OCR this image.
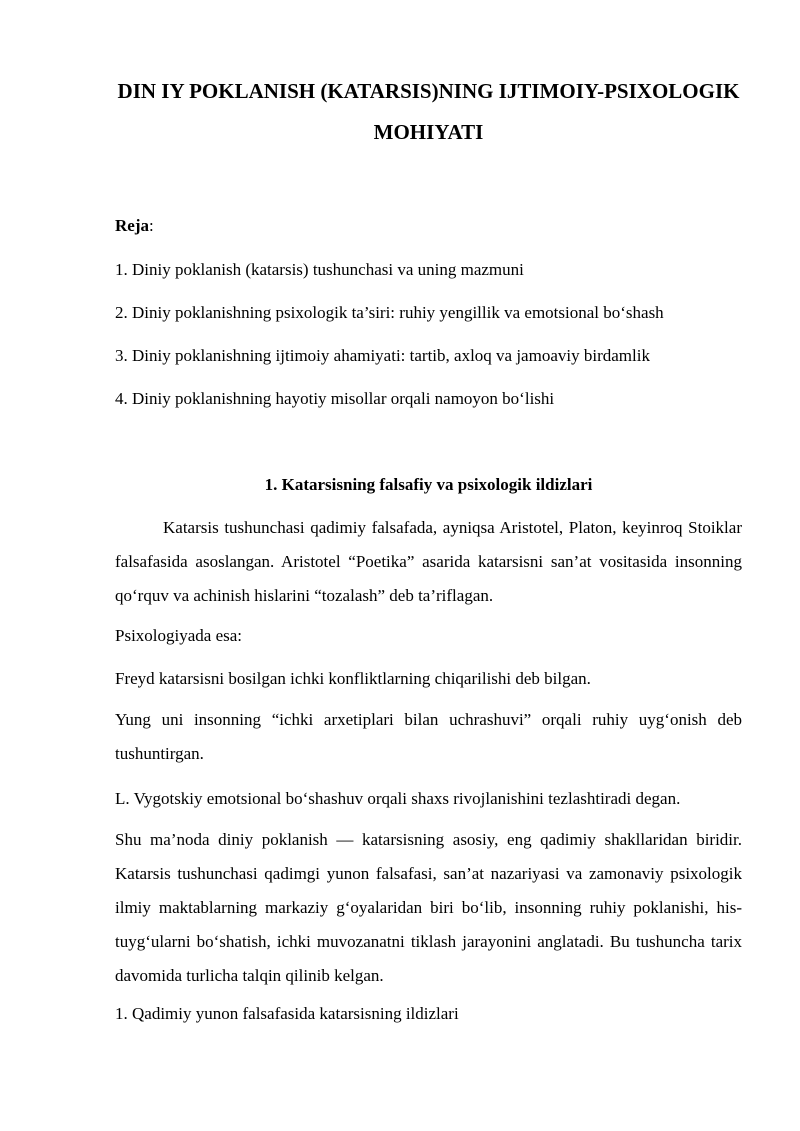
DIN IY POKLANISH (KATARSIS)NING IJTIMOIY-PSIXOLOGIK MOHIYATI

Reja:

1. Diniy poklanish (katarsis) tushunchasi va uning mazmuni

2. Diniy poklanishning psixologik ta’siri: ruhiy yengillik va emotsional bo‘shash

3. Diniy poklanishning ijtimoiy ahamiyati: tartib, axloq va jamoaviy birdamlik

4. Diniy poklanishning hayotiy misollar orqali namoyon bo‘lishi

1. Katarsisning falsafiy va psixologik ildizlari

Katarsis tushunchasi qadimiy falsafada, ayniqsa Aristotel, Platon, keyinroq Stoiklar falsafasida asoslangan. Aristotel “Poetika” asarida katarsisni san’at vositasida insonning qo‘rquv va achinish hislarini “tozalash” deb ta’riflagan.

Psixologiyada esa:

Freyd katarsisni bosilgan ichki konfliktlarning chiqarilishi deb bilgan.

Yung uni insonning “ichki arxetiplari bilan uchrashuvi” orqali ruhiy uyg‘onish deb tushuntirgan.

L. Vygotskiy emotsional bo‘shashuv orqali shaxs rivojlanishini tezlashtiradi degan.

Shu ma’noda diniy poklanish — katarsisning asosiy, eng qadimiy shakllaridan biridir. Katarsis tushunchasi qadimgi yunon falsafasi, san’at nazariyasi va zamonaviy psixologik ilmiy maktablarning markaziy g‘oyalaridan biri bo‘lib, insonning ruhiy poklanishi, his-tuyg‘ularni bo‘shatish, ichki muvozanatni tiklash jarayonini anglatadi. Bu tushuncha tarix davomida turlicha talqin qilinib kelgan.

1. Qadimiy yunon falsafasida katarsisning ildizlari
